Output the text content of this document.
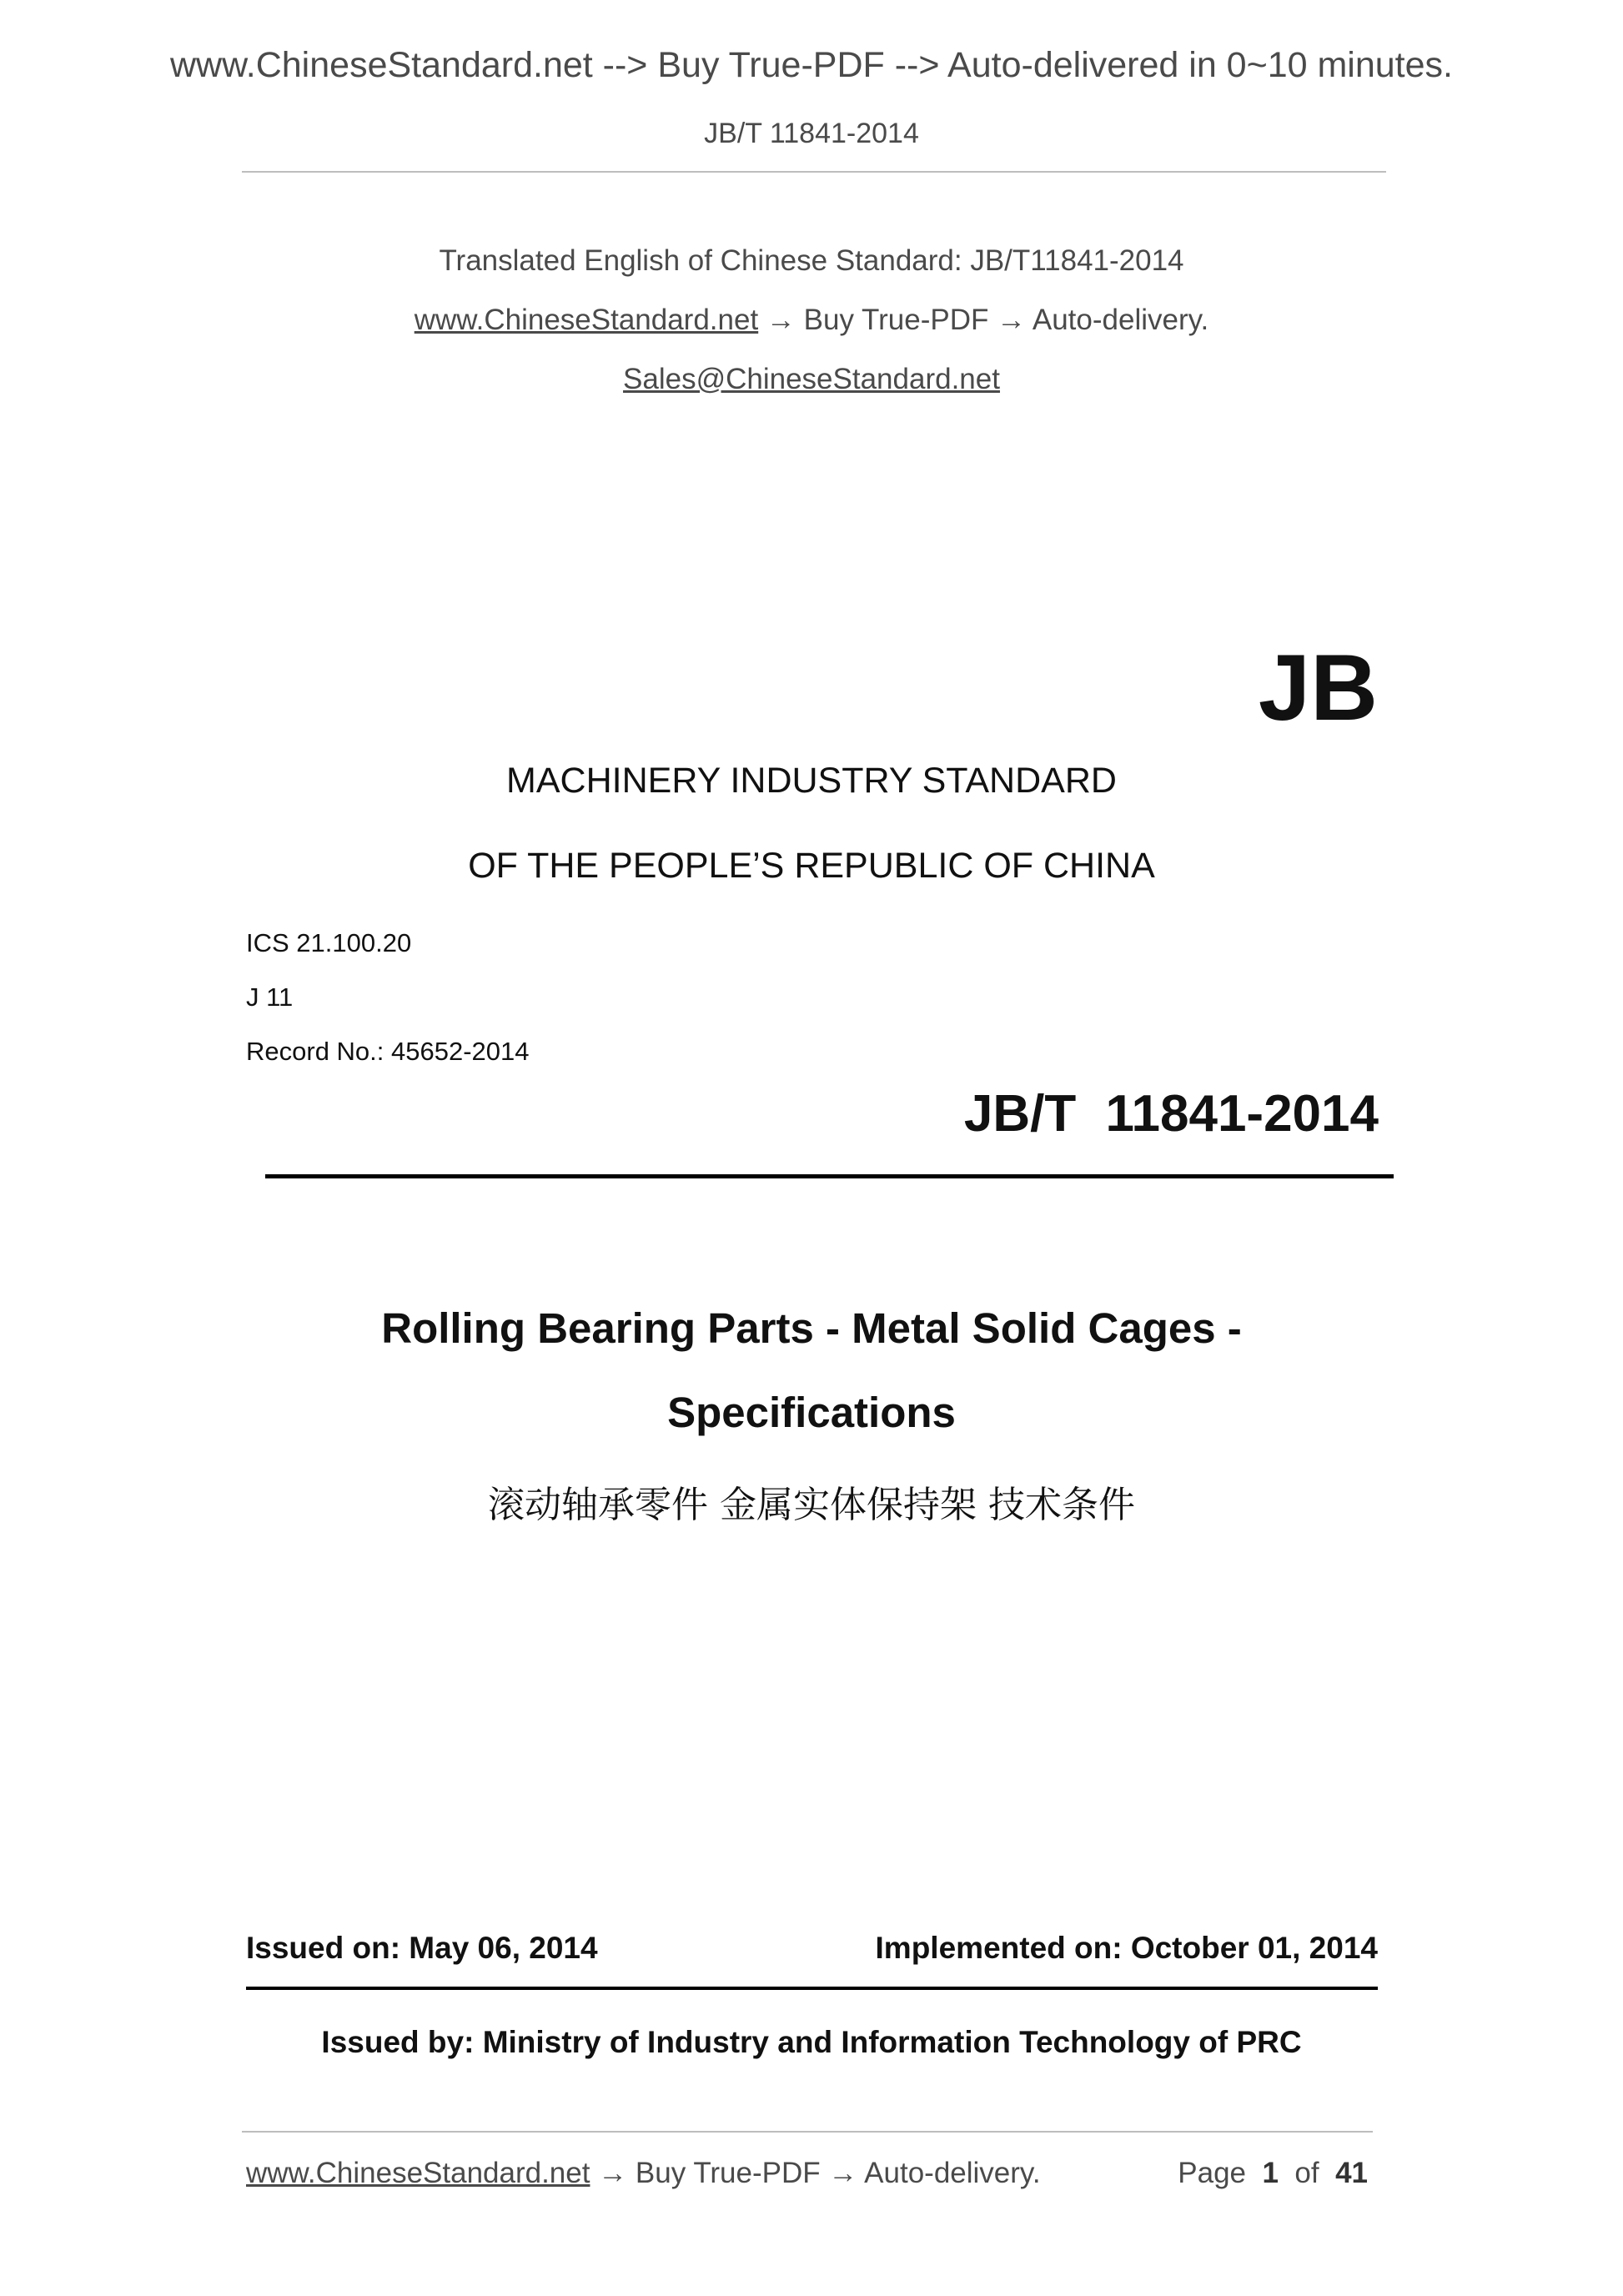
www.ChineseStandard.net --> Buy True-PDF --> Auto-delivered in 0~10 minutes.
JB/T 11841-2014
Translated English of Chinese Standard: JB/T11841-2014
www.ChineseStandard.net → Buy True-PDF → Auto-delivery.
Sales@ChineseStandard.net
JB
MACHINERY INDUSTRY STANDARD
OF THE PEOPLE’S REPUBLIC OF CHINA
ICS 21.100.20
J 11
Record No.: 45652-2014
JB/T 11841-2014
Rolling Bearing Parts - Metal Solid Cages -
Specifications
滚动轴承零件 金属实体保持架 技术条件
Issued on: May 06, 2014	Implemented on: October 01, 2014
Issued by: Ministry of Industry and Information Technology of PRC
www.ChineseStandard.net → Buy True-PDF → Auto-delivery.	Page 1 of 41
